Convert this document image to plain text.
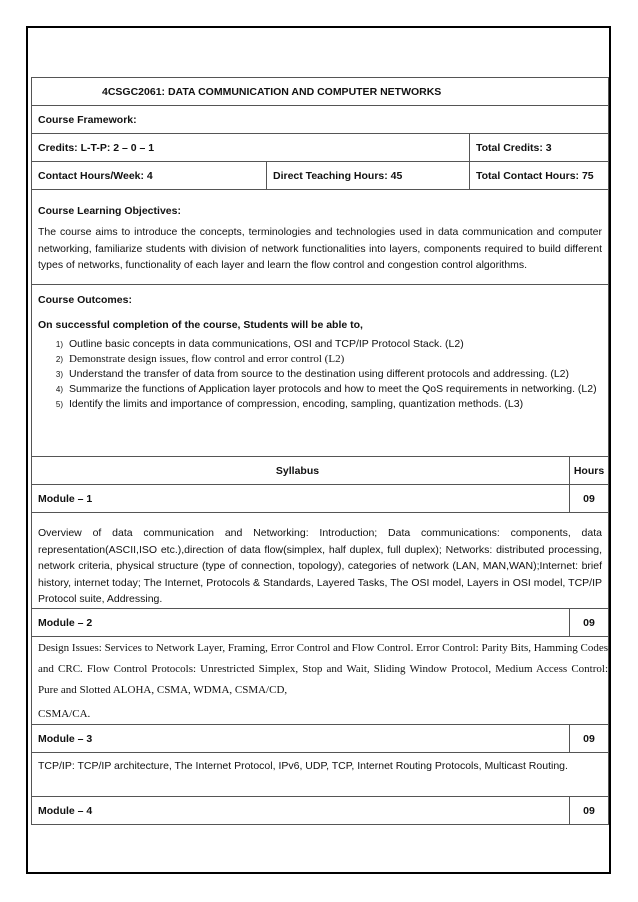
4CSGC2061: DATA COMMUNICATION AND COMPUTER NETWORKS
Course Framework:
Credits: L-T-P: 2 – 0 – 1	Total Credits: 3
Contact Hours/Week: 4	Direct Teaching Hours: 45	Total Contact Hours: 75
Course Learning Objectives:
The course aims to introduce the concepts, terminologies and technologies used in data communication and computer networking, familiarize students with division of network functionalities into layers, components required to build different types of networks, functionality of each layer and learn the flow control and congestion control algorithms.
Course Outcomes:
On successful completion of the course, Students will be able to,
1) Outline basic concepts in data communications, OSI and TCP/IP Protocol Stack. (L2)
2) Demonstrate design issues, flow control and error control (L2)
3) Understand the transfer of data from source to the destination using different protocols and addressing. (L2)
4) Summarize the functions of Application layer protocols and how to meet the QoS requirements in networking. (L2)
5) Identify the limits and importance of compression, encoding, sampling, quantization methods. (L3)
Syllabus	Hours
Module – 1	09
Overview of data communication and Networking: Introduction; Data communications: components, data representation(ASCII,ISO etc.),direction of data flow(simplex, half duplex, full duplex); Networks: distributed processing, network criteria, physical structure (type of connection, topology), categories of network (LAN, MAN,WAN);Internet: brief history, internet today; The Internet, Protocols & Standards, Layered Tasks, The OSI model, Layers in OSI model, TCP/IP Protocol suite, Addressing.
Module – 2	09
Design Issues: Services to Network Layer, Framing, Error Control and Flow Control. Error Control: Parity Bits, Hamming Codes and CRC. Flow Control Protocols: Unrestricted Simplex, Stop and Wait, Sliding Window Protocol, Medium Access Control: Pure and Slotted ALOHA, CSMA, WDMA, CSMA/CD,
CSMA/CA.
Module – 3	09
TCP/IP: TCP/IP architecture, The Internet Protocol, IPv6, UDP, TCP, Internet Routing Protocols, Multicast Routing.
Module – 4	09
